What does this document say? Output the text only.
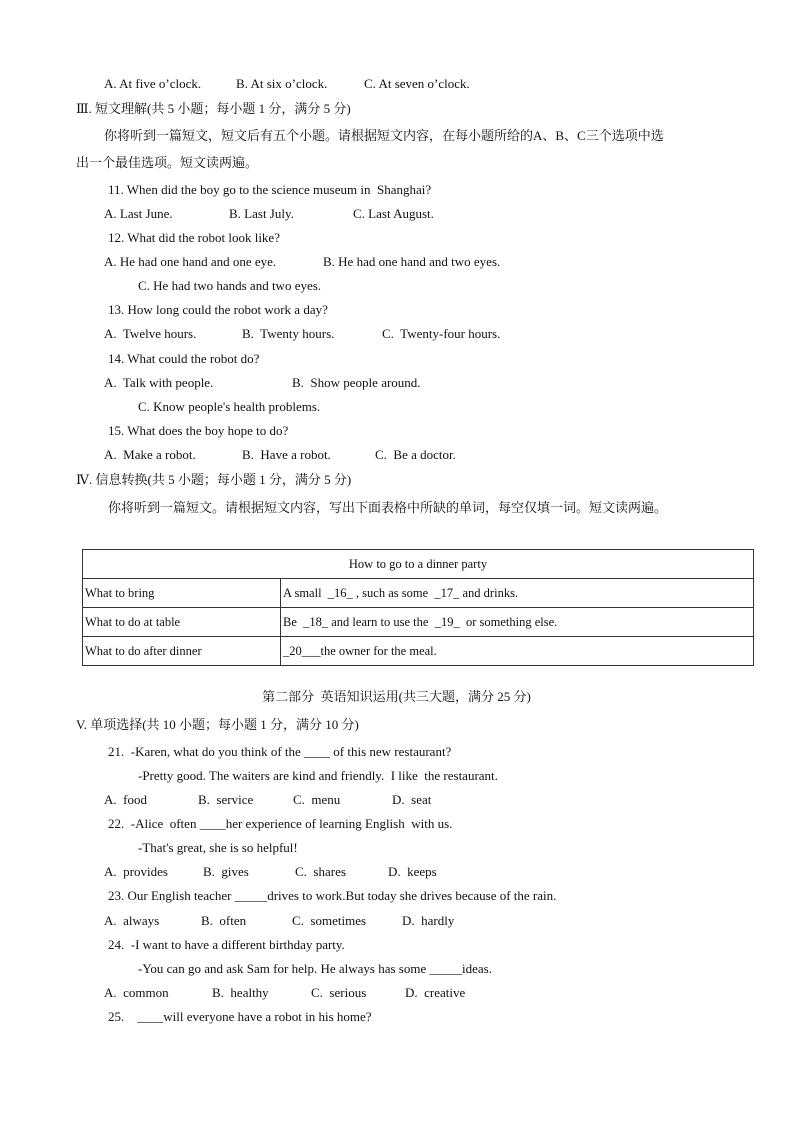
A. At five o’clock.	B. At six o’clock.	C. At seven o’clock.
Ⅲ. 短文理解(共 5 小题；每小题 1 分，满分 5 分)
你将听到一篇短文，短文后有五个小题。请根据短文内容，在每小题所给的A、B、C三个选项中选
出一个最佳选项。短文读两遍。
11. When did the boy go to the science museum in  Shanghai?
A. Last June.	B. Last July.	C. Last August.
12. What did the robot look like?
A. He had one hand and one eye.	B. He had one hand and two eyes.
C. He had two hands and two eyes.
13. How long could the robot work a day?
A.  Twelve hours.	B.  Twenty hours.	C.  Twenty-four hours.
14. What could the robot do?
A.  Talk with people.	B.  Show people around.
C. Know people's health problems.
15. What does the boy hope to do?
A.  Make a robot.	B.  Have a robot.	C.  Be a doctor.
Ⅳ. 信息转换(共 5 小题；每小题 1 分，满分 5 分)
你将听到一篇短文。请根据短文内容，写出下面表格中所缺的单词，每空仅填一词。短文读两遍。
How to go to a dinner party	
What to bring	A small  _16_ , such as some  _17_ and drinks.
What to do at table	Be  _18_ and learn to use the  _19_  or something else.
What to do after dinner	_20___the owner for the meal.
第二部分  英语知识运用(共三大题，满分 25 分)
V. 单项选择(共 10 小题；每小题 1 分，满分 10 分)
21.  -Karen, what do you think of the ____ of this new restaurant?
-Pretty good. The waiters are kind and friendly.  I like  the restaurant.
A.  food	B.  service	C.  menu	D.  seat
22.  -Alice  often ____her experience of learning English  with us.
-That's great, she is so helpful!
A.  provides	B.  gives	C.  shares	D.  keeps
23. Our English teacher _____drives to work.But today she drives because of the rain.
A.  always	B.  often	C.  sometimes	D.  hardly
24.  -I want to have a different birthday party.
-You can go and ask Sam for help. He always has some _____ideas.
A.  common	B.  healthy	C.  serious	D.  creative
25.    ____will everyone have a robot in his home?
